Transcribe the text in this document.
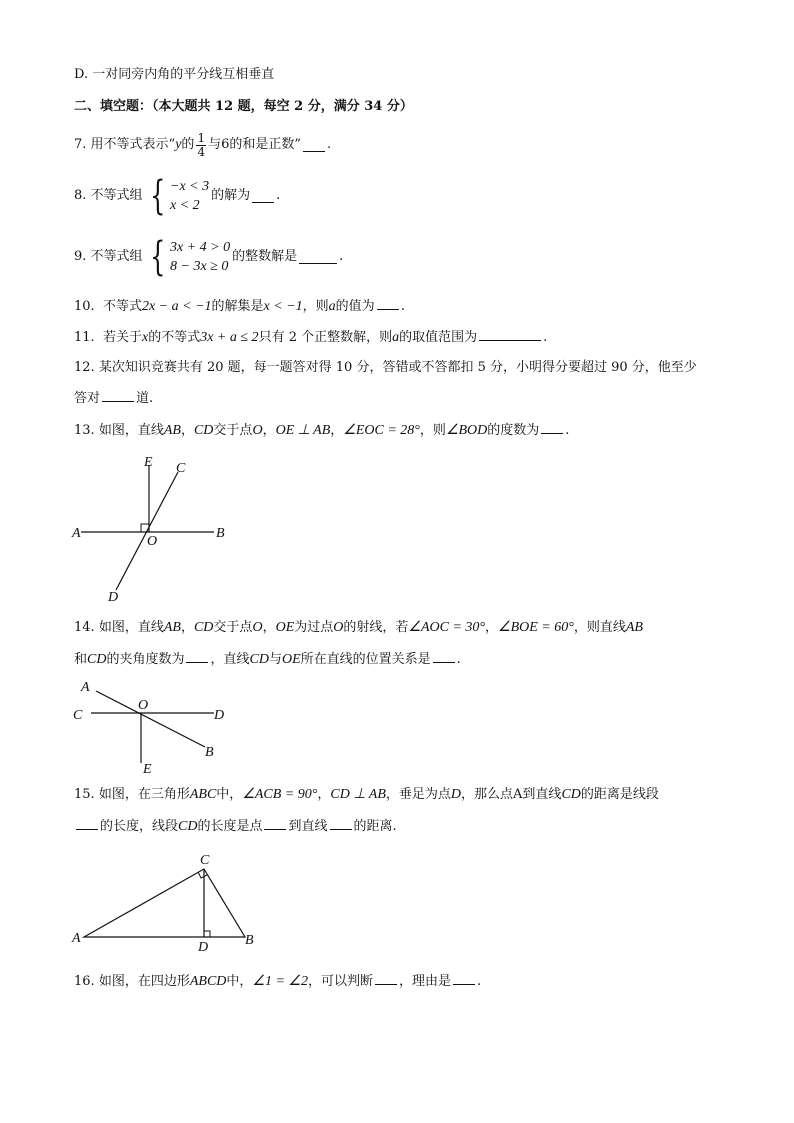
D. 一对同旁内角的平分线互相垂直
二、填空题：（本大题共 12 题，每空 2 分，满分 34 分）
7.
用不等式表示“ y 的 $\frac{1}{4}$ 与6的和是正数” .
8.
不等式组 { −x < 3
x < 2
的解为 .
9.
不等式组 { 3x + 4 > 0
8 − 3x ≥ 0
的整数解是	.
10. 不等式2x − a < −1的解集是x < −1，则a的值为 .
11. 若关于x的不等式3x + a ≤ 2只有 2 个正整数解，则a的取值范围为	.
12. 某次知识竞赛共有 20 题，每一题答对得 10 分，答错或不答都扣 5 分，小明得分要超过 90 分，他至少
答对	道.
13. 如图，直线AB，CD交于点O，OE ⊥ AB，∠EOC = 28°，则∠BOD的度数为 .
E C
A
O
B
D
14. 如图，直线AB，CD交于点O，OE为过点O的射线，若∠AOC = 30°，∠BOE = 60°，则直线AB
和CD的夹角度数为 ，直线CD与OE所在直线的位置关系是 .
A
O
C	D
B
E
15. 如图，在三角形ABC中，∠ACB = 90°，CD ⊥ AB，垂足为点D，那么点A到直线CD的距离是线段
的长度，线段CD的长度是点 到直线 的距离.
C
A
D	B
16. 如图，在四边形ABCD中，∠1 = ∠2，可以判断 ，理由是 .
